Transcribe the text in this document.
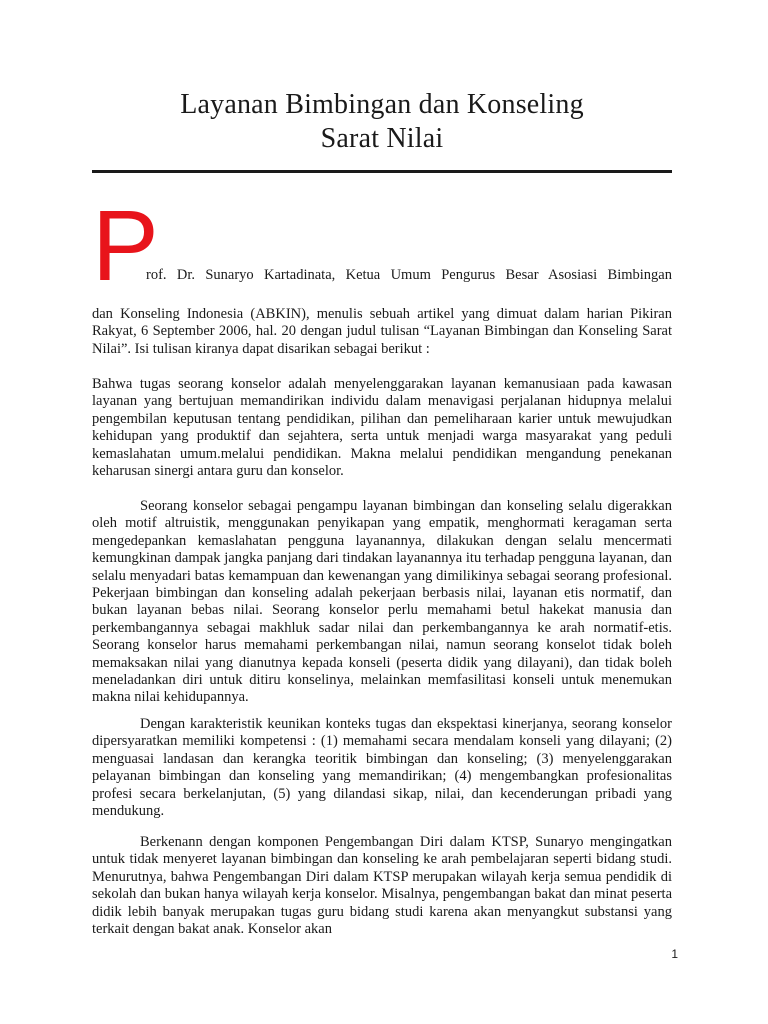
Layanan Bimbingan dan Konseling
Sarat Nilai
P

rof. Dr. Sunaryo Kartadinata, Ketua Umum Pengurus Besar Asosiasi Bimbingan

dan Konseling Indonesia (ABKIN), menulis sebuah artikel yang dimuat dalam harian Pikiran Rakyat, 6 September 2006, hal. 20 dengan judul tulisan “Layanan Bimbingan dan Konseling Sarat Nilai”. Isi tulisan kiranya dapat disarikan sebagai berikut :

Bahwa tugas seorang konselor adalah menyelenggarakan layanan kemanusiaan pada kawasan layanan yang bertujuan memandirikan individu dalam menavigasi perjalanan hidupnya melalui pengembilan keputusan tentang pendidikan, pilihan dan pemeliharaan karier untuk mewujudkan kehidupan yang produktif dan sejahtera, serta untuk menjadi warga masyarakat yang peduli kemaslahatan umum.melalui pendidikan. Makna melalui pendidikan mengandung penekanan keharusan sinergi antara guru dan konselor.

Seorang konselor sebagai pengampu layanan bimbingan dan konseling selalu digerakkan oleh motif altruistik, menggunakan penyikapan yang empatik, menghormati keragaman serta mengedepankan kemaslahatan pengguna layanannya, dilakukan dengan selalu mencermati kemungkinan dampak jangka panjang dari tindakan layanannya itu terhadap pengguna layanan, dan selalu menyadari batas kemampuan dan kewenangan yang dimilikinya sebagai seorang profesional. Pekerjaan bimbingan dan konseling adalah pekerjaan berbasis nilai, layanan etis normatif, dan bukan layanan bebas nilai. Seorang konselor perlu memahami betul hakekat manusia dan perkembangannya sebagai makhluk sadar nilai dan perkembangannya ke arah normatif-etis. Seorang konselor harus memahami perkembangan nilai, namun seorang konselot tidak boleh memaksakan nilai yang dianutnya kepada konseli (peserta didik yang dilayani), dan tidak boleh meneladankan diri untuk ditiru konselinya, melainkan memfasilitasi konseli untuk menemukan makna nilai kehidupannya.

Dengan karakteristik keunikan konteks tugas dan ekspektasi kinerjanya, seorang konselor dipersyaratkan memiliki kompetensi : (1) memahami secara mendalam konseli yang dilayani; (2) menguasai landasan dan kerangka teoritik bimbingan dan konseling; (3) menyelenggarakan pelayanan bimbingan dan konseling yang memandirikan; (4) mengembangkan profesionalitas profesi secara berkelanjutan, (5) yang dilandasi sikap, nilai, dan kecenderungan pribadi yang mendukung.

Berkenann dengan komponen Pengembangan Diri dalam KTSP, Sunaryo mengingatkan untuk tidak menyeret layanan bimbingan dan konseling ke arah pembelajaran seperti bidang studi. Menurutnya, bahwa Pengembangan Diri dalam KTSP merupakan wilayah kerja semua pendidik di sekolah dan bukan hanya wilayah kerja konselor. Misalnya, pengembangan bakat dan minat peserta didik lebih banyak merupakan tugas guru bidang studi karena akan menyangkut substansi yang terkait dengan bakat anak. Konselor akan

1
